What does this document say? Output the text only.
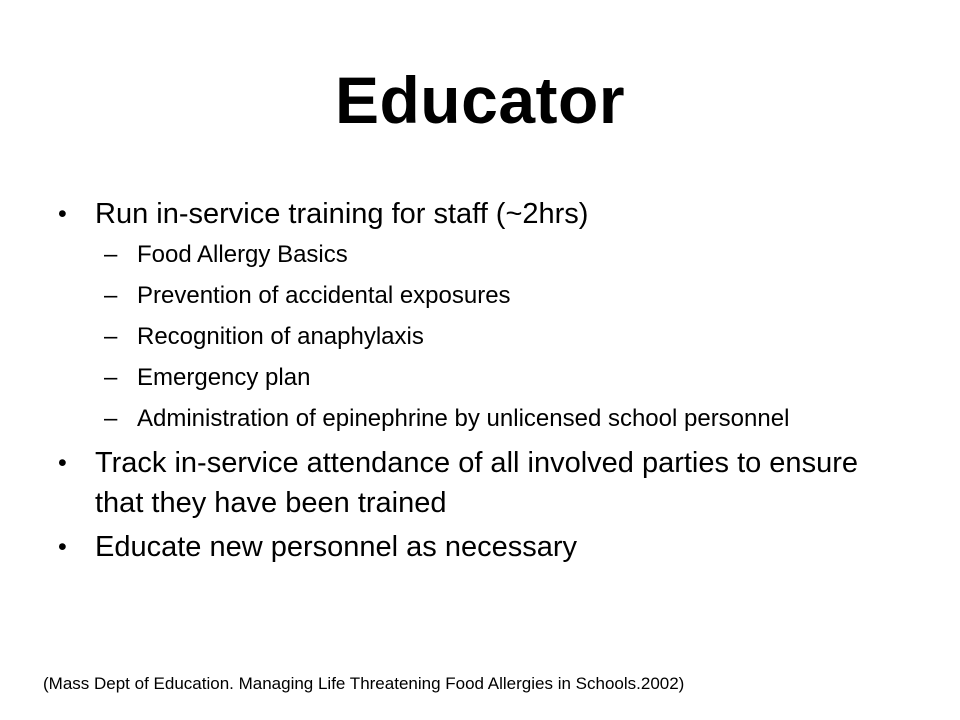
Educator
• Run in-service training for staff (~2hrs)
– Food Allergy Basics
– Prevention of accidental exposures
– Recognition of anaphylaxis
– Emergency plan
– Administration of epinephrine by unlicensed school personnel
• Track in-service attendance of all involved parties to ensure that they have been trained
• Educate new personnel as necessary
(Mass Dept of Education. Managing Life Threatening Food Allergies in Schools.2002)
